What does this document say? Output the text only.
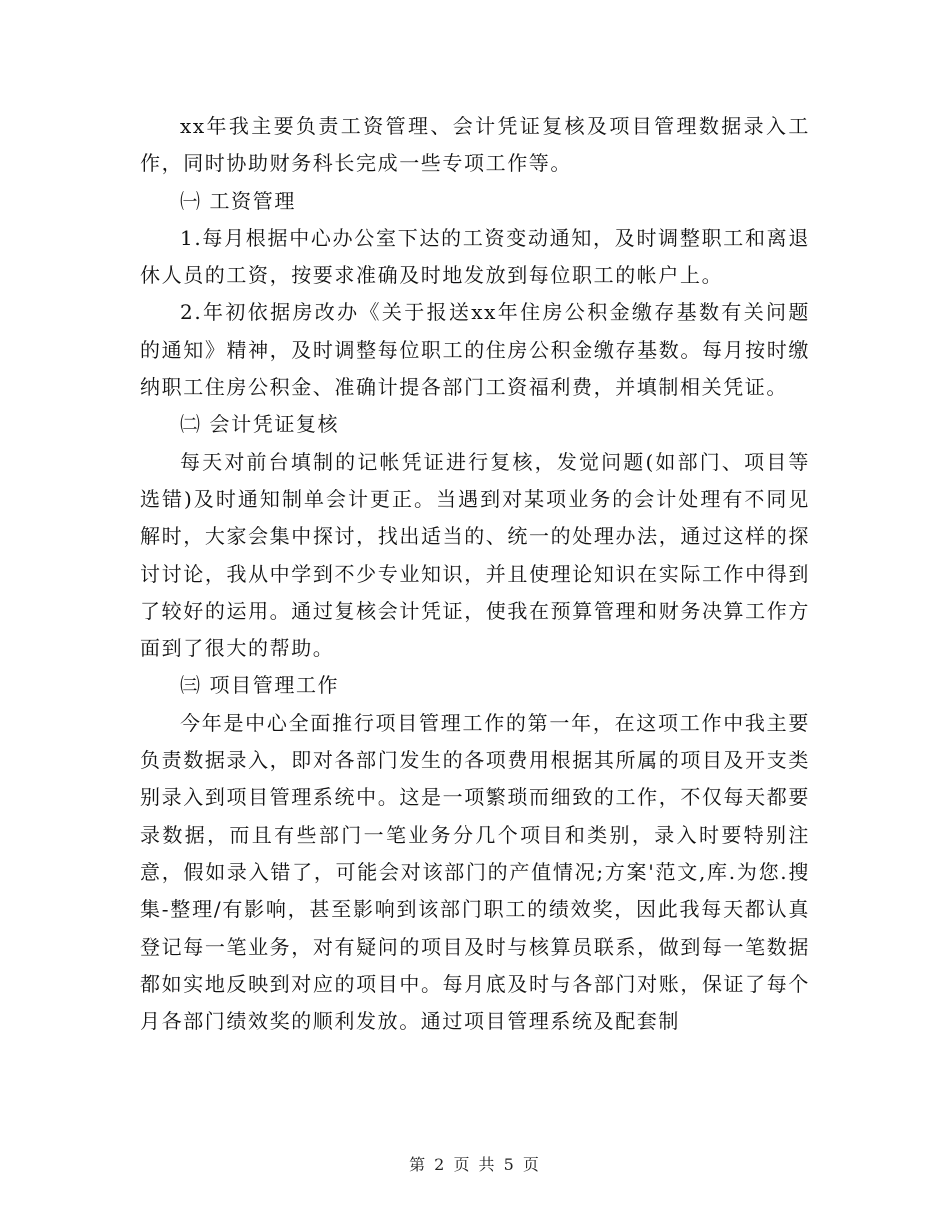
xx年我主要负责工资管理、会计凭证复核及项目管理数据录入工作，同时协助财务科长完成一些专项工作等。

㈠ 工资管理

1.每月根据中心办公室下达的工资变动通知，及时调整职工和离退休人员的工资，按要求准确及时地发放到每位职工的帐户上。

2.年初依据房改办《关于报送xx年住房公积金缴存基数有关问题的通知》精神，及时调整每位职工的住房公积金缴存基数。每月按时缴纳职工住房公积金、准确计提各部门工资福利费，并填制相关凭证。

㈡ 会计凭证复核

每天对前台填制的记帐凭证进行复核，发觉问题(如部门、项目等选错)及时通知制单会计更正。当遇到对某项业务的会计处理有不同见解时，大家会集中探讨，找出适当的、统一的处理办法，通过这样的探讨讨论，我从中学到不少专业知识，并且使理论知识在实际工作中得到了较好的运用。通过复核会计凭证，使我在预算管理和财务决算工作方面到了很大的帮助。

㈢ 项目管理工作

今年是中心全面推行项目管理工作的第一年，在这项工作中我主要负责数据录入，即对各部门发生的各项费用根据其所属的项目及开支类别录入到项目管理系统中。这是一项繁琐而细致的工作，不仅每天都要录数据，而且有些部门一笔业务分几个项目和类别，录入时要特别注意，假如录入错了，可能会对该部门的产值情况;方案'范文,库.为您.搜集-整理/有影响，甚至影响到该部门职工的绩效奖，因此我每天都认真登记每一笔业务，对有疑问的项目及时与核算员联系，做到每一笔数据都如实地反映到对应的项目中。每月底及时与各部门对账，保证了每个月各部门绩效奖的顺利发放。通过项目管理系统及配套制

第 2 页 共 5 页
